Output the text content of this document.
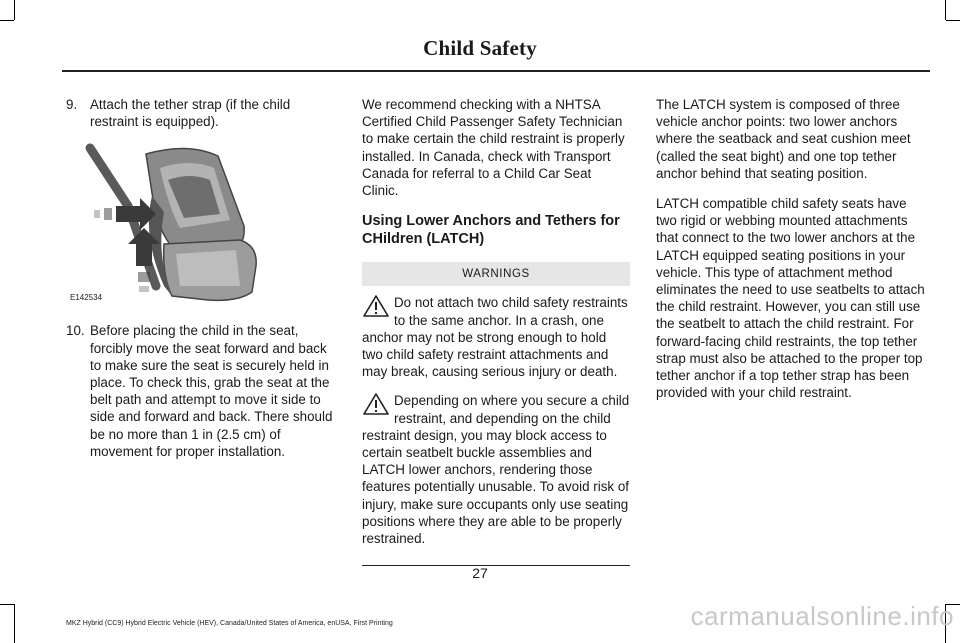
Child Safety
9. Attach the tether strap (if the child restraint is equipped).
E142534
10. Before placing the child in the seat, forcibly move the seat forward and back to make sure the seat is securely held in place. To check this, grab the seat at the belt path and attempt to move it side to side and forward and back. There should be no more than 1 in (2.5 cm) of movement for proper installation.

We recommend checking with a NHTSA Certified Child Passenger Safety Technician to make certain the child restraint is properly installed. In Canada, check with Transport Canada for referral to a Child Car Seat Clinic.

Using Lower Anchors and Tethers for CHildren (LATCH)
WARNINGS
Do not attach two child safety restraints to the same anchor. In a crash, one anchor may not be strong enough to hold two child safety restraint attachments and may break, causing serious injury or death.
Depending on where you secure a child restraint, and depending on the child restraint design, you may block access to certain seatbelt buckle assemblies and LATCH lower anchors, rendering those features potentially unusable. To avoid risk of injury, make sure occupants only use seating positions where they are able to be properly restrained.

The LATCH system is composed of three vehicle anchor points: two lower anchors where the seatback and seat cushion meet (called the seat bight) and one top tether anchor behind that seating position.

LATCH compatible child safety seats have two rigid or webbing mounted attachments that connect to the two lower anchors at the LATCH equipped seating positions in your vehicle. This type of attachment method eliminates the need to use seatbelts to attach the child restraint. However, you can still use the seatbelt to attach the child restraint. For forward-facing child restraints, the top tether strap must also be attached to the proper top tether anchor if a top tether strap has been provided with your child restraint.

27
MKZ Hybrid (CC9) Hybrid Electric Vehicle (HEV), Canada/United States of America, enUSA, First Printing	carmanualsonline.info
